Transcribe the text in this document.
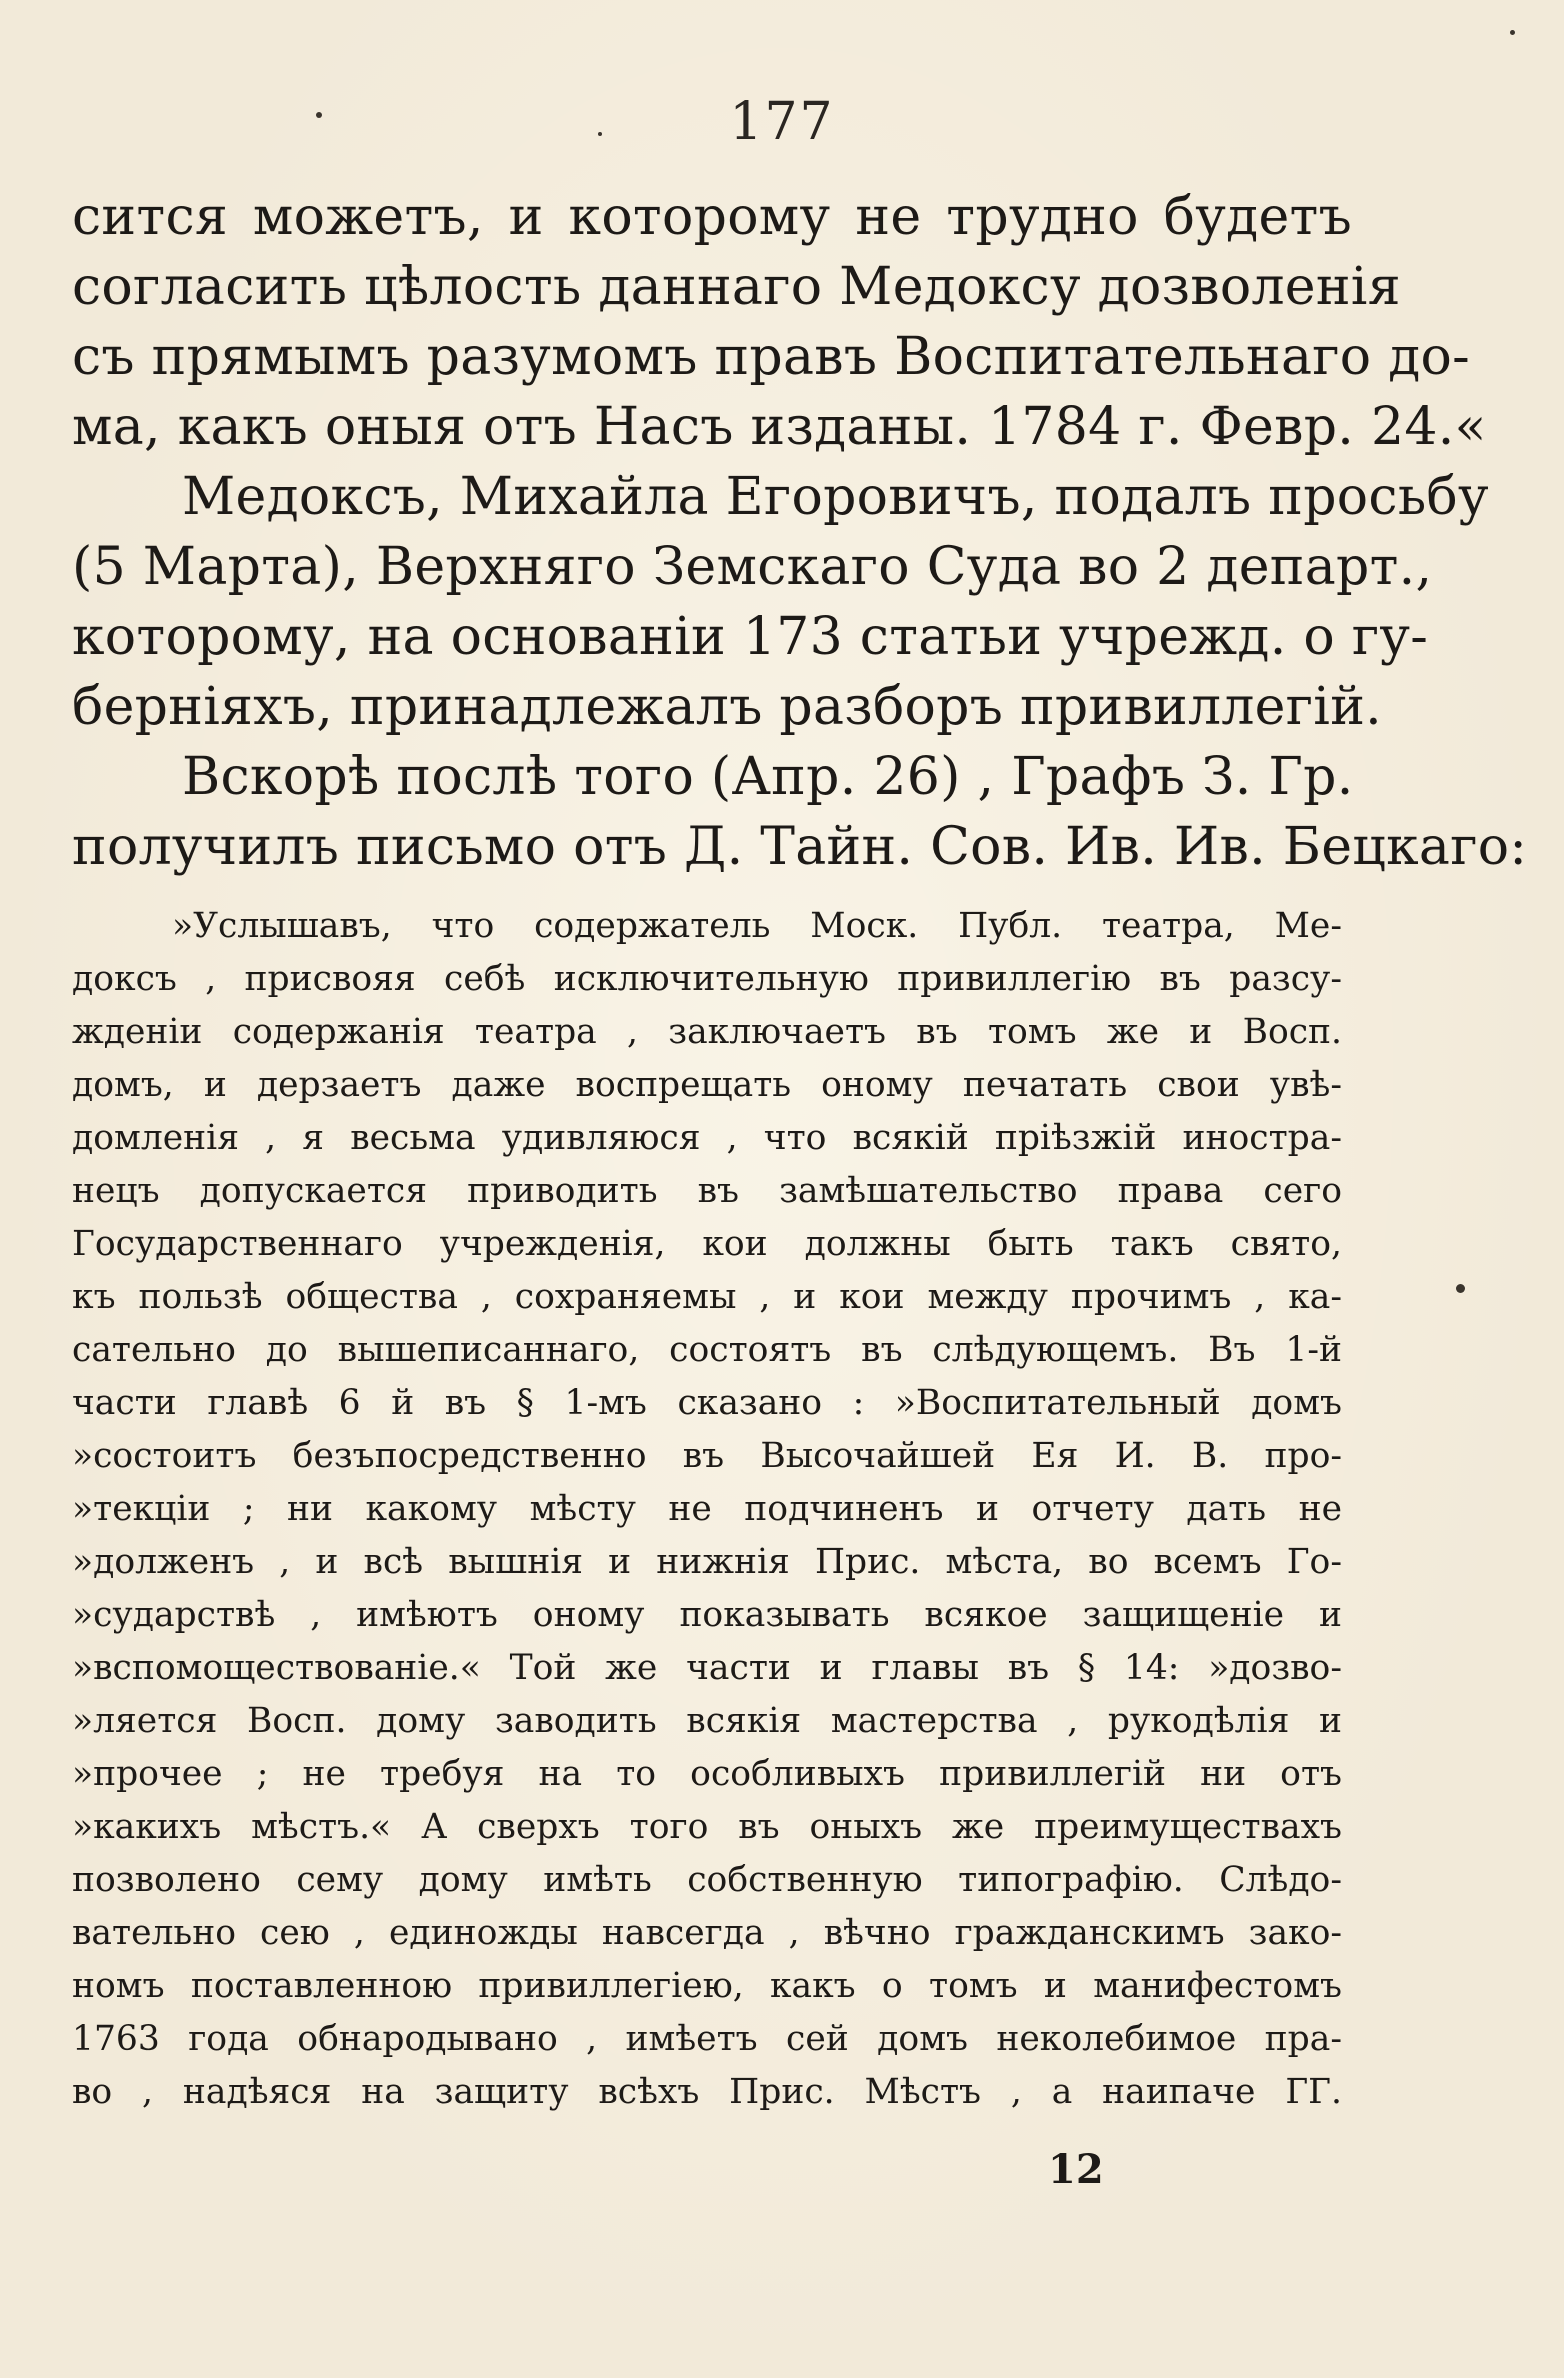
177
сится можетъ, и которому не трудно будетъ
согласить цѣлость даннаго Медоксу дозволенія
съ прямымъ разумомъ правъ Воспитательнаго до-
ма, какъ оныя отъ Насъ изданы. 1784 г. Февр. 24.«
Медоксъ, Михайла Егоровичъ, подалъ просьбу
(5 Марта), Верхняго Земскаго Суда во 2 департ.,
которому, на основаніи 173 статьи учрежд. о гу-
берніяхъ, принадлежалъ разборъ привиллегій.
Вскорѣ послѣ того (Апр. 26) , Графъ З. Гр.
получилъ письмо отъ Д. Тайн. Сов. Ив. Ив. Бецкаго:
»Услышавъ, что содержатель Моск. Публ. театра, Ме-
доксъ , присвояя себѣ исключительную привиллегію въ разсу-
жденіи содержанія театра , заключаетъ въ томъ же и Восп.
домъ, и дерзаетъ даже воспрещать оному печатать свои увѣ-
домленія , я весьма удивляюся , что всякій пріѣзжій иностра-
нецъ допускается приводить въ замѣшательство права сего
Государственнаго учрежденія, кои должны быть такъ свято,
къ пользѣ общества , сохраняемы , и кои между прочимъ , ка-
сательно до вышеписаннаго, состоятъ въ слѣдующемъ. Въ 1-й
части главѣ 6 й въ § 1-мъ сказано : »Воспитательный домъ
»состоитъ безъпосредственно въ Высочайшей Ея И. В. про-
»текціи ; ни какому мѣсту не подчиненъ и отчету дать не
»долженъ , и всѣ вышнія и нижнія Прис. мѣста, во всемъ Го-
»сударствѣ , имѣютъ оному показывать всякое защищеніе и
»вспомоществованіе.« Той же части и главы въ § 14: »дозво-
»ляется Восп. дому заводить всякія мастерства , рукодѣлія и
»прочее ; не требуя на то особливыхъ привиллегій ни отъ
»какихъ мѣстъ.« А сверхъ того въ оныхъ же преимуществахъ
позволено сему дому имѣть собственную типографію. Слѣдо-
вательно сею , единожды навсегда , вѣчно гражданскимъ зако-
номъ поставленною привиллегіею, какъ о томъ и манифестомъ
1763 года обнародывано , имѣетъ сей домъ неколебимое пра-
во , надѣяся на защиту всѣхъ Прис. Мѣстъ , а наипаче ГГ.
12
